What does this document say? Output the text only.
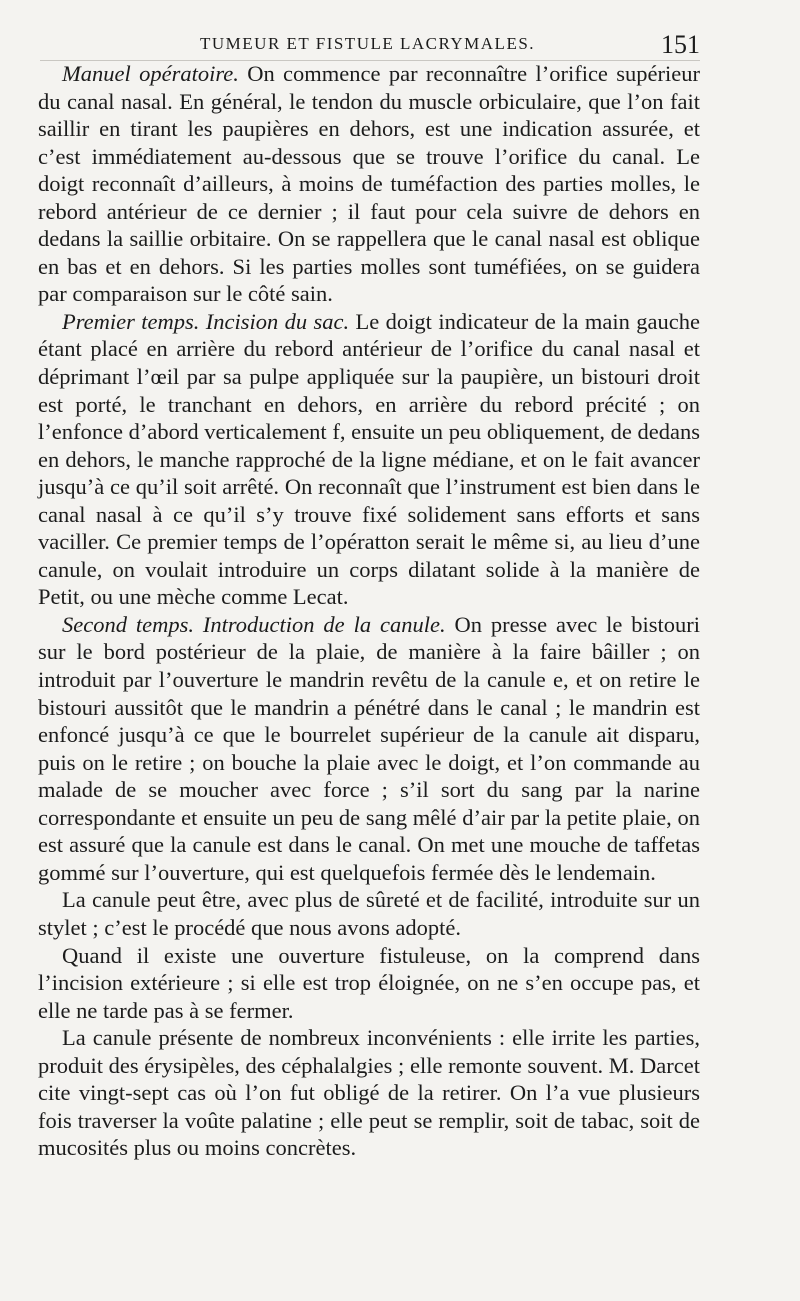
TUMEUR ET FISTULE LACRYMALES.	151

Manuel opératoire. On commence par reconnaître l’orifice supérieur du canal nasal. En général, le tendon du muscle orbiculaire, que l’on fait saillir en tirant les paupières en dehors, est une indication assurée, et c’est immédiatement au-dessous que se trouve l’orifice du canal. Le doigt reconnaît d’ailleurs, à moins de tuméfaction des parties molles, le rebord antérieur de ce dernier ; il faut pour cela suivre de dehors en dedans la saillie orbitaire. On se rappellera que le canal nasal est oblique en bas et en dehors. Si les parties molles sont tuméfiées, on se guidera par comparaison sur le côté sain.

Premier temps. Incision du sac. Le doigt indicateur de la main gauche étant placé en arrière du rebord antérieur de l’orifice du canal nasal et déprimant l’œil par sa pulpe appliquée sur la paupière, un bistouri droit est porté, le tranchant en dehors, en arrière du rebord précité ; on l’enfonce d’abord verticalement f, ensuite un peu obliquement, de dedans en dehors, le manche rapproché de la ligne médiane, et on le fait avancer jusqu’à ce qu’il soit arrêté. On reconnaît que l’instrument est bien dans le canal nasal à ce qu’il s’y trouve fixé solidement sans efforts et sans vaciller. Ce premier temps de l’opératton serait le même si, au lieu d’une canule, on voulait introduire un corps dilatant solide à la manière de Petit, ou une mèche comme Lecat.

Second temps. Introduction de la canule. On presse avec le bistouri sur le bord postérieur de la plaie, de manière à la faire bâiller ; on introduit par l’ouverture le mandrin revêtu de la canule e, et on retire le bistouri aussitôt que le mandrin a pénétré dans le canal ; le mandrin est enfoncé jusqu’à ce que le bourrelet supérieur de la canule ait disparu, puis on le retire ; on bouche la plaie avec le doigt, et l’on commande au malade de se moucher avec force ; s’il sort du sang par la narine correspondante et ensuite un peu de sang mêlé d’air par la petite plaie, on est assuré que la canule est dans le canal. On met une mouche de taffetas gommé sur l’ouverture, qui est quelquefois fermée dès le lendemain.

La canule peut être, avec plus de sûreté et de facilité, introduite sur un stylet ; c’est le procédé que nous avons adopté.

Quand il existe une ouverture fistuleuse, on la comprend dans l’incision extérieure ; si elle est trop éloignée, on ne s’en occupe pas, et elle ne tarde pas à se fermer.

La canule présente de nombreux inconvénients : elle irrite les parties, produit des érysipèles, des céphalalgies ; elle remonte souvent. M. Darcet cite vingt-sept cas où l’on fut obligé de la retirer. On l’a vue plusieurs fois traverser la voûte palatine ; elle peut se remplir, soit de tabac, soit de mucosités plus ou moins concrètes.
